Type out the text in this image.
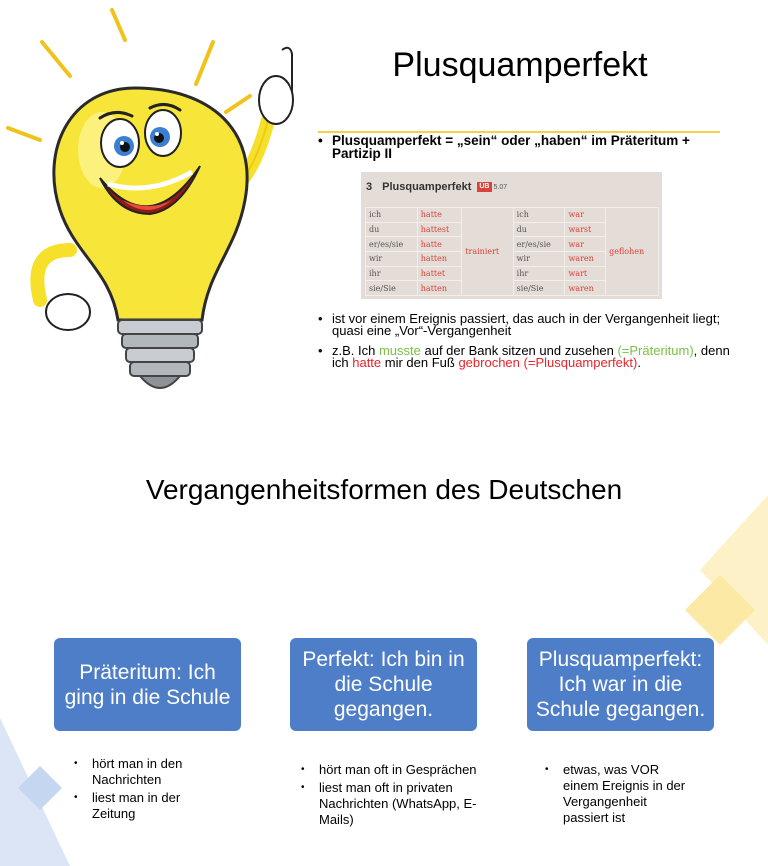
Plusquamperfekt
• Plusquamperfekt = „sein“ oder „haben“ im Präteritum + Partizip II
3 Plusquamperfekt ÜB 5.07
ich	hatte	trainiert	ich	war	geflohen
du	hattest		du	warst	
er/es/sie	hatte		er/es/sie	war	
wir	hatten		wir	waren	
ihr	hattet		ihr	wart	
sie/Sie	hatten		sie/Sie	waren	
• ist vor einem Ereignis passiert, das auch in der Vergangenheit liegt; quasi eine „Vor“-Vergangenheit
• z.B. Ich musste auf der Bank sitzen und zusehen (=Präteritum), denn ich hatte mir den Fuß gebrochen (=Plusquamperfekt).
Vergangenheitsformen des Deutschen
Präteritum: Ich ging in die Schule
Perfekt: Ich bin in die Schule gegangen.
Plusquamperfekt: Ich war in die Schule gegangen.
•	hört man in den Nachrichten
•	liest man in der Zeitung
•	hört man oft in Gesprächen
•	liest man oft in privaten Nachrichten (WhatsApp, E-Mails)
•	etwas, was VOR einem Ereignis in der Vergangenheit passiert ist
